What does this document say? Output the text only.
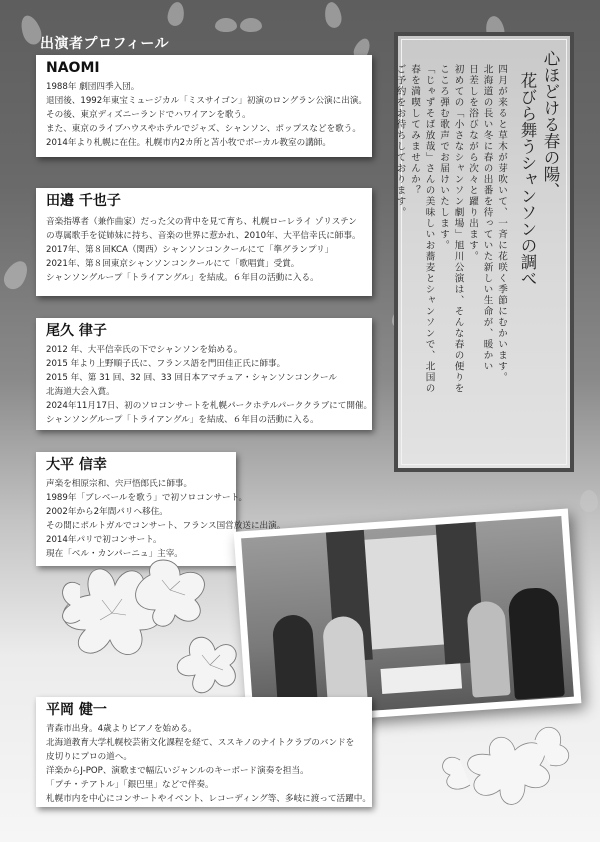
出演者プロフィール
NAOMI
1988年 劇団四季入団。
退団後、1992年東宝ミュージカル「ミスサイゴン」初演のロングラン公演に出演。
その後、東京ディズニーランドでハワイアンを歌う。
また、東京のライブハウスやホテルでジャズ、シャンソン、ポップスなどを歌う。
2014年より札幌に在住。札幌市内2カ所と苫小牧でボーカル教室の講師。
田邉 千也子
音楽指導者（兼作曲家）だった父の背中を見て育ち、札幌ローレライ ゾリステン
の専属歌手を従姉妹に持ち、音楽の世界に惹かれ、2010年、大平信幸氏に師事。
2017年、第８回KCA（関西）シャンソンコンクールにて「準グランプリ」
2021年、第８回東京シャンソンコンクールにて「歌唱賞」受賞。
シャンソングループ「トライアングル」を結成。６年目の活動に入る。
尾久 律子
2012 年、大平信幸氏の下でシャンソンを始める。
2015 年より上野順子氏に、フランス語を門田佳正氏に師事。
2015 年、第 31 回、32 回、33 回日本アマチュア・シャンソンコンクール
北海道大会入賞。
2024年11月17日、初のソロコンサートを札幌パークホテルパーククラブにて開催。
シャンソングループ「トライアングル」を結成、６年目の活動に入る。
大平 信幸
声楽を相原宗和、宍戸悟郎氏に師事。
1989年「ブレベールを歌う」で初ソロコンサート。
2002年から2年間パリへ移住。
その間にポルトガルでコンサート、フランス国営放送に出演。
2014年パリで初コンサート。
現在「ベル・カンパーニュ」主宰。
心ほどける春の陽、
花びら舞うシャンソンの調べ
四月が来ると草木が芽吹いて、一斉に花咲く季節にむかいます。
北海道の長い冬に春の出番を待っていた新しい生命が、暖かい
日差しを浴びながら次々と躍り出ます。
初めての「小さなシャンソン劇場」旭川公演は、そんな春の便りを
こころ弾む歌声でお届けいたします。
「じゃずそば放哉」さんの美味しいお蕎麦とシャンソンで、北国の
春を満喫してみませんか？
ご予約をお待ちしております。
平岡 健一
青森市出身。4歳よりピアノを始める。
北海道教育大学札幌校芸術文化課程を経て、ススキノのナイトクラブのバンドを
皮切りにプロの道へ。
洋楽からJ-POP、演歌まで幅広いジャンルのキーボード演奏を担当。
「プチ・テアトル」「銀巴里」などで伴奏。
札幌市内を中心にコンサートやイベント、レコーディング等、多岐に渡って活躍中。
